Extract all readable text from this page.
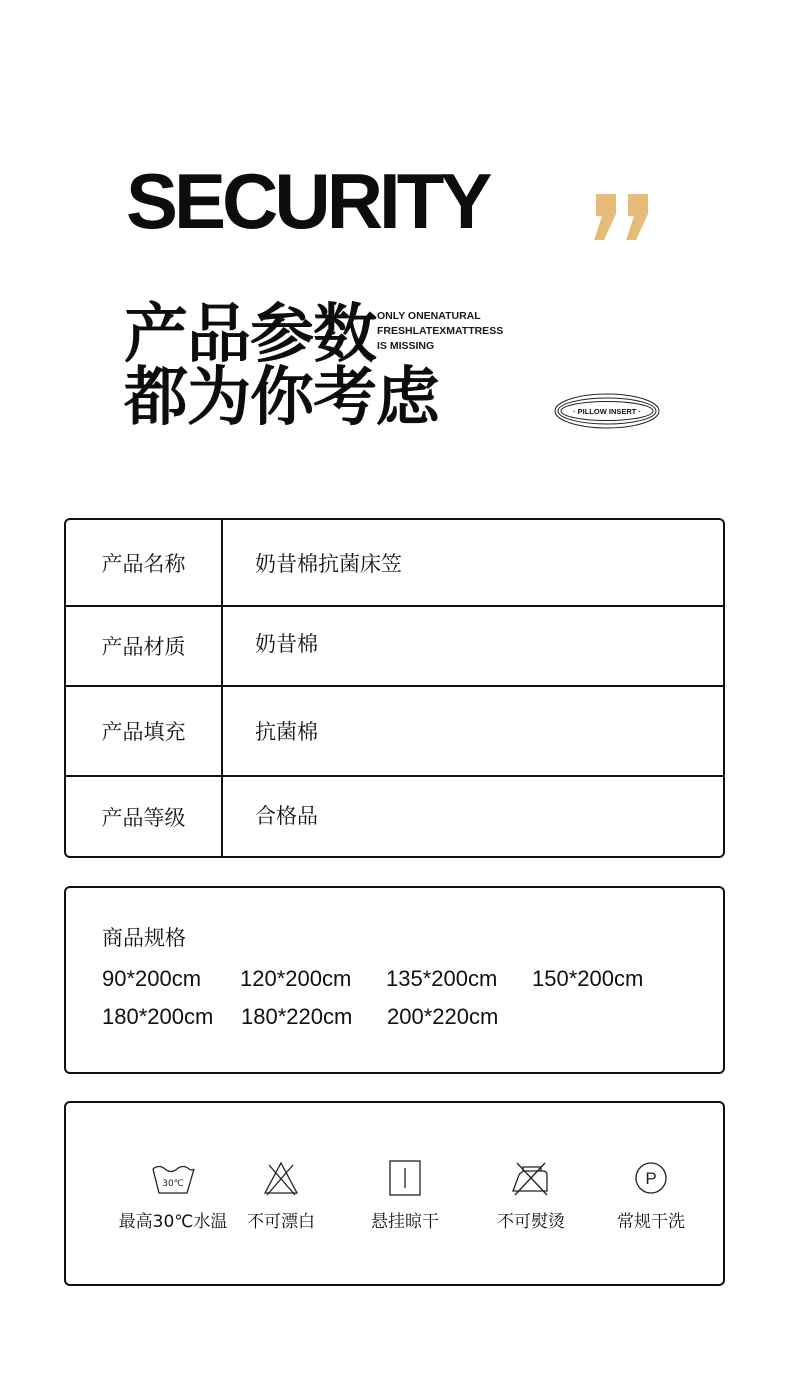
SECURITY
产品参数
都为你考虑
ONLY ONENATURAL
FRESHLATEXMATTRESS
IS MISSING
· PILLOW INSERT ·
产品名称	奶昔棉抗菌床笠
产品材质	奶昔棉
产品填充	抗菌棉
产品等级	合格品
商品规格
90*200cm 120*200cm 135*200cm 150*200cm
180*200cm 180*220cm 200*220cm
30℃
最高30℃水温	不可漂白	悬挂晾干	不可熨烫
P
常规干洗
